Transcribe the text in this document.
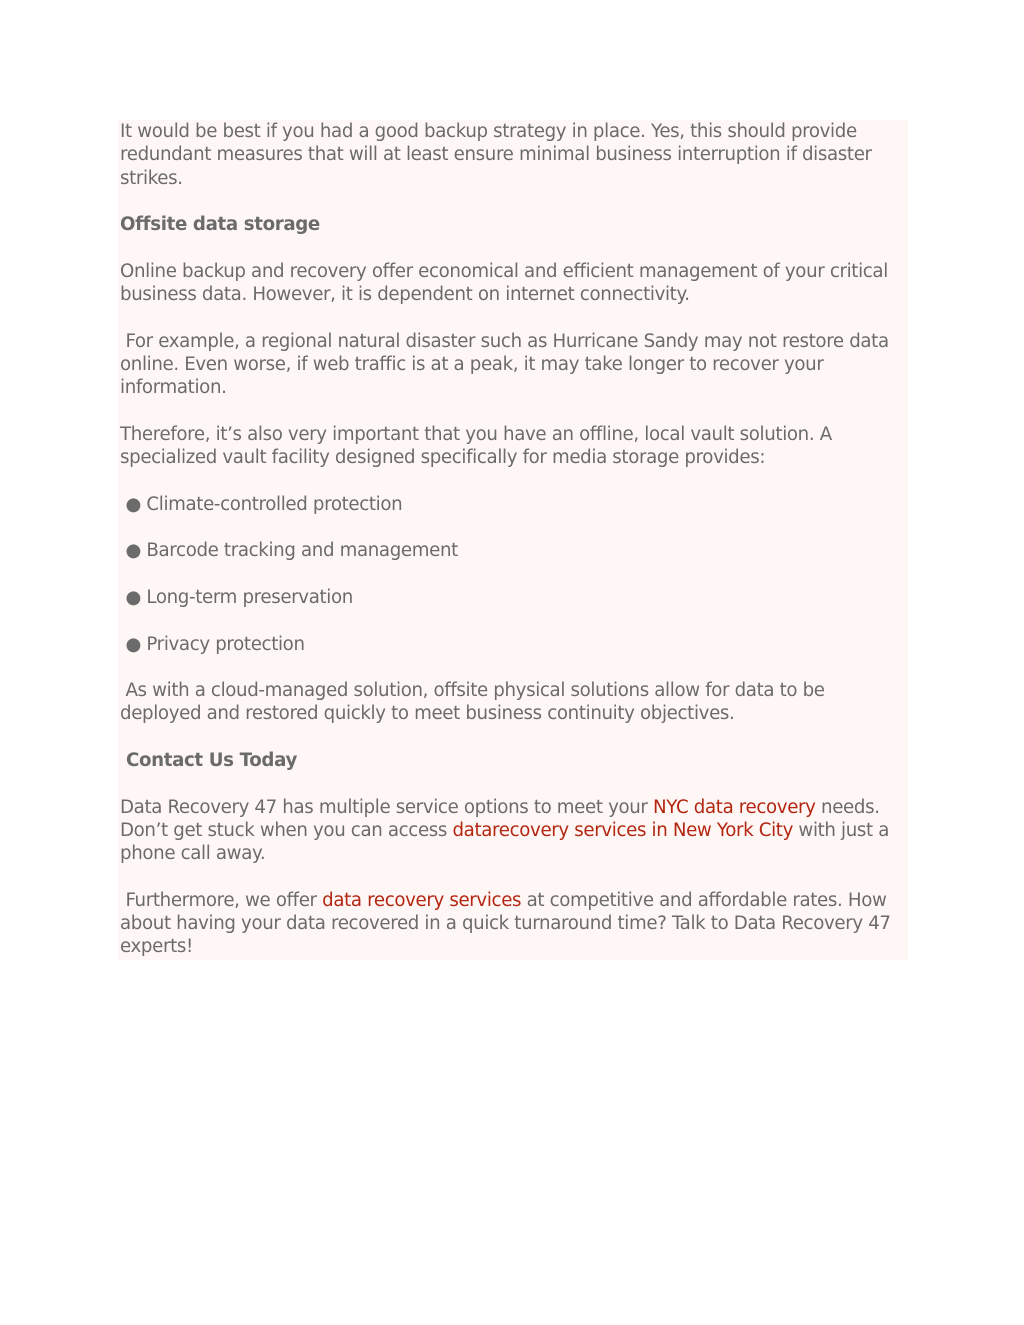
It would be best if you had a good backup strategy in place. Yes, this should provide redundant measures that will at least ensure minimal business interruption if disaster strikes.

Offsite data storage

Online backup and recovery offer economical and efficient management of your critical business data. However, it is dependent on internet connectivity.

For example, a regional natural disaster such as Hurricane Sandy may not restore data online. Even worse, if web traffic is at a peak, it may take longer to recover your information.

Therefore, it’s also very important that you have an offline, local vault solution. A specialized vault facility designed specifically for media storage provides:

● Climate-controlled protection

● Barcode tracking and management

● Long-term preservation

● Privacy protection

As with a cloud-managed solution, offsite physical solutions allow for data to be deployed and restored quickly to meet business continuity objectives.

Contact Us Today

Data Recovery 47 has multiple service options to meet your NYC data recovery needs. Don’t get stuck when you can access datarecovery services in New York City with just a phone call away.

Furthermore, we offer data recovery services at competitive and affordable rates. How about having your data recovered in a quick turnaround time? Talk to Data Recovery 47 experts!
